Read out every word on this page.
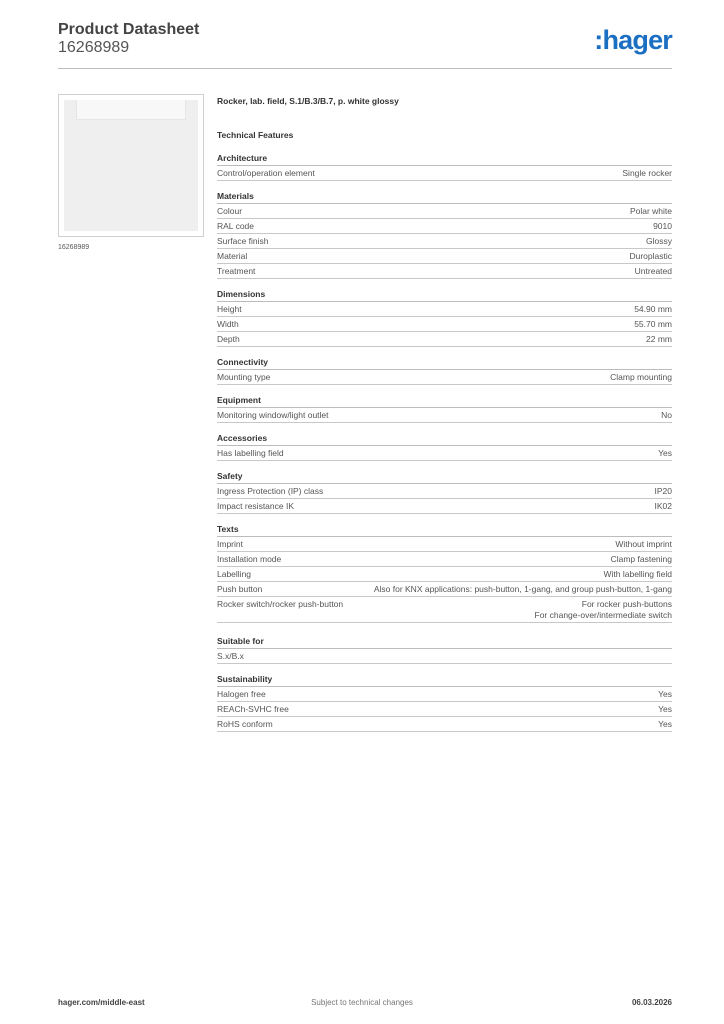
Product Datasheet
16268989	:hager
16268989
Rocker, lab. field, S.1/B.3/B.7, p. white glossy
Technical Features
Architecture
Control/operation element	Single rocker
Materials
Colour	Polar white
RAL code	9010
Surface finish	Glossy
Material	Duroplastic
Treatment	Untreated
Dimensions
Height	54.90 mm
Width	55.70 mm
Depth	22 mm
Connectivity
Mounting type	Clamp mounting
Equipment
Monitoring window/light outlet	No
Accessories
Has labelling field	Yes
Safety
Ingress Protection (IP) class	IP20
Impact resistance IK	IK02
Texts
Imprint	Without imprint
Installation mode	Clamp fastening
Labelling	With labelling field
Push button	Also for KNX applications: push-button, 1-gang, and group push-button, 1-gang
Rocker switch/rocker push-button	For rocker push-buttons
For change-over/intermediate switch
Suitable for
S.x/B.x
Sustainability
Halogen free	Yes
REACh-SVHC free	Yes
RoHS conform	Yes
hager.com/middle-east	Subject to technical changes	06.03.2026
